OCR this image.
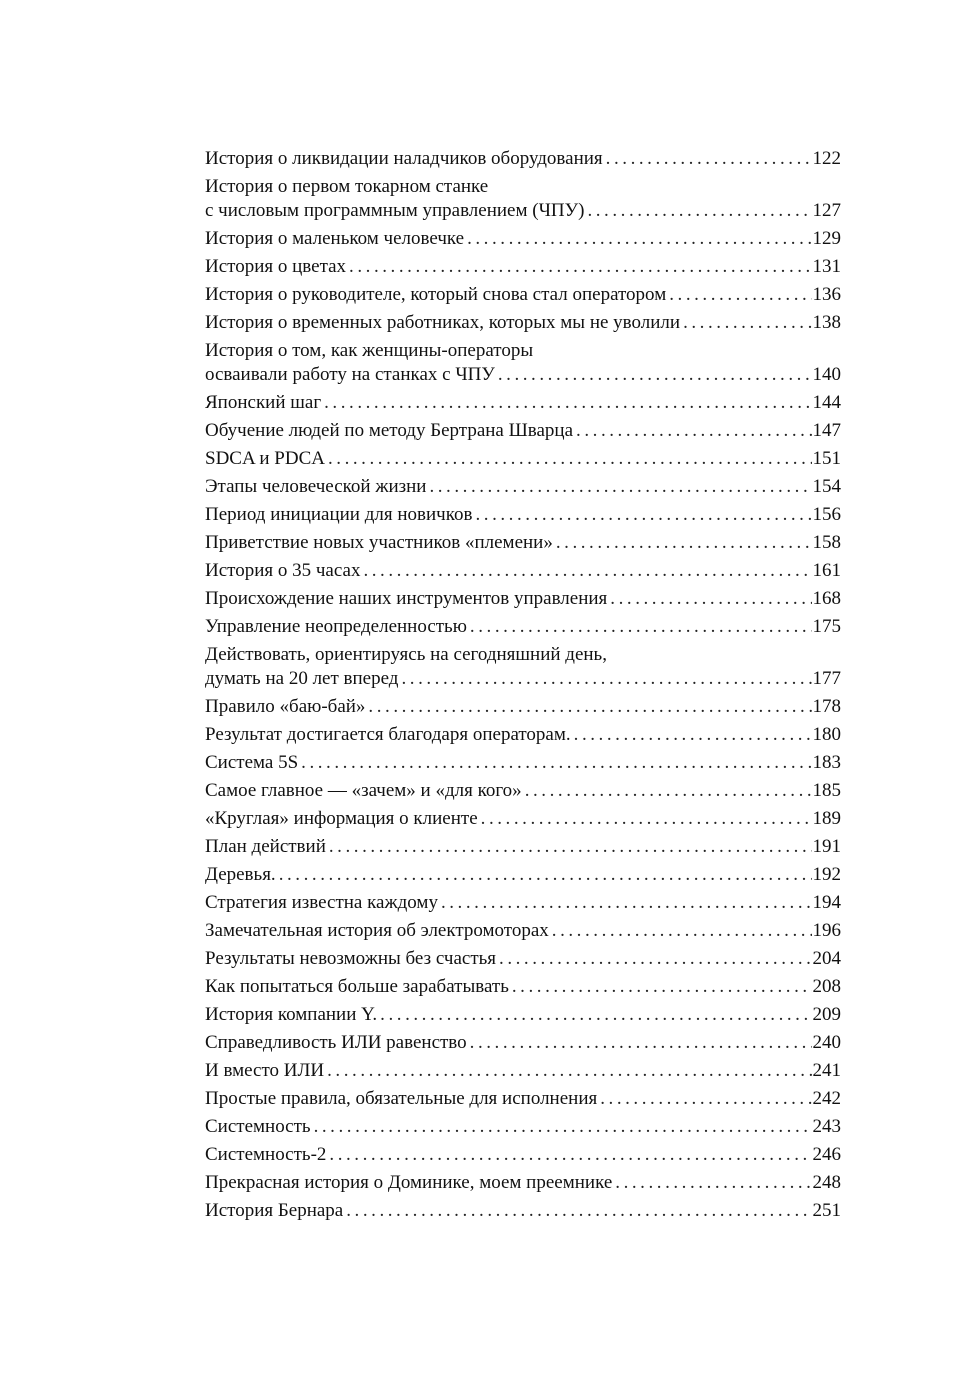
История о ликвидации наладчиков оборудования . . .	122
История о первом токарном станке
с числовым программным управлением (ЧПУ) . . .	127
История о маленьком человечке . . .	129
История о цветах . . .	131
История о руководителе, который снова стал оператором . . .	136
История о временных работниках, которых мы не уволили . . .	138
История о том, как женщины-операторы
осваивали работу на станках с ЧПУ . . .	140
Японский шаг . . .	144
Обучение людей по методу Бертрана Шварца . . .	147
SDCA и PDCA . . .	151
Этапы человеческой жизни . . .	154
Период инициации для новичков . . .	156
Приветствие новых участников «племени» . . .	158
История о 35 часах . . .	161
Происхождение наших инструментов управления . . .	168
Управление неопределенностью . . .	175
Действовать, ориентируясь на сегодняшний день,
думать на 20 лет вперед . . .	177
Правило «баю-бай» . . .	178
Результат достигается благодаря операторам. . . .	180
Система 5S . . .	183
Самое главное — «зачем» и «для кого» . . .	185
«Круглая» информация о клиенте . . .	189
План действий . . .	191
Деревья. . . .	192
Стратегия известна каждому . . .	194
Замечательная история об электромоторах . . .	196
Результаты невозможны без счастья . . .	204
Как попытаться больше зарабатывать . . .	208
История компании Y. . . .	209
Справедливость ИЛИ равенство . . .	240
И вместо ИЛИ . . .	241
Простые правила, обязательные для исполнения . . .	242
Системность . . .	243
Системность-2 . . .	246
Прекрасная история о Доминике, моем преемнике . . .	248
История Бернара . . .	251
